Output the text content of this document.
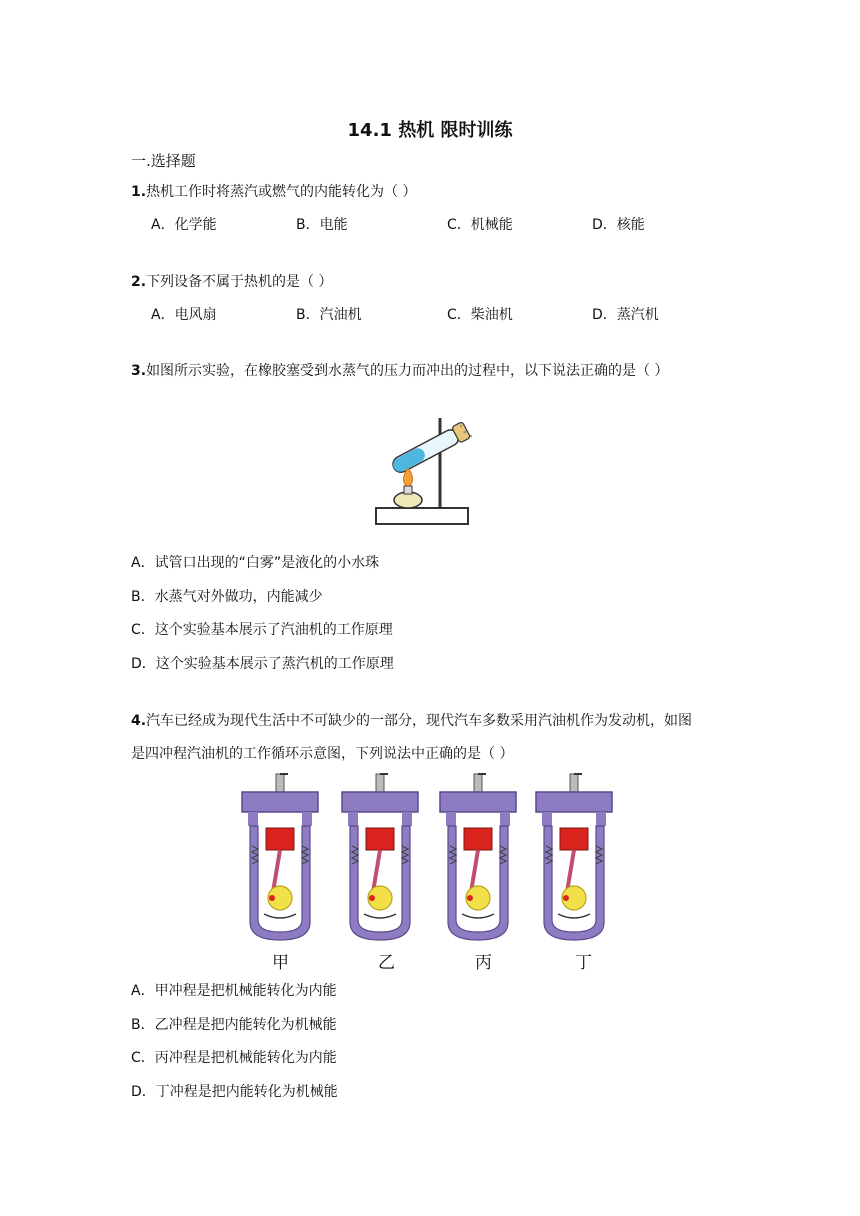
14.1 热机 限时训练
一.选择题
1.热机工作时将蒸汽或燃气的内能转化为（ ）
A．化学能	B．电能	C．机械能	D．核能
2.下列设备不属于热机的是（ ）
A．电风扇	B．汽油机	C．柴油机	D．蒸汽机
3.如图所示实验，在橡胶塞受到水蒸气的压力而冲出的过程中，以下说法正确的是（ ）
A．试管口出现的“白雾”是液化的小水珠
B．水蒸气对外做功，内能减少
C．这个实验基本展示了汽油机的工作原理
D．这个实验基本展示了蒸汽机的工作原理
4.汽车已经成为现代生活中不可缺少的一部分，现代汽车多数采用汽油机作为发动机，如图
是四冲程汽油机的工作循环示意图，下列说法中正确的是（ ）
甲	乙	丙	丁
A．甲冲程是把机械能转化为内能
B．乙冲程是把内能转化为机械能
C．丙冲程是把机械能转化为内能
D．丁冲程是把内能转化为机械能
